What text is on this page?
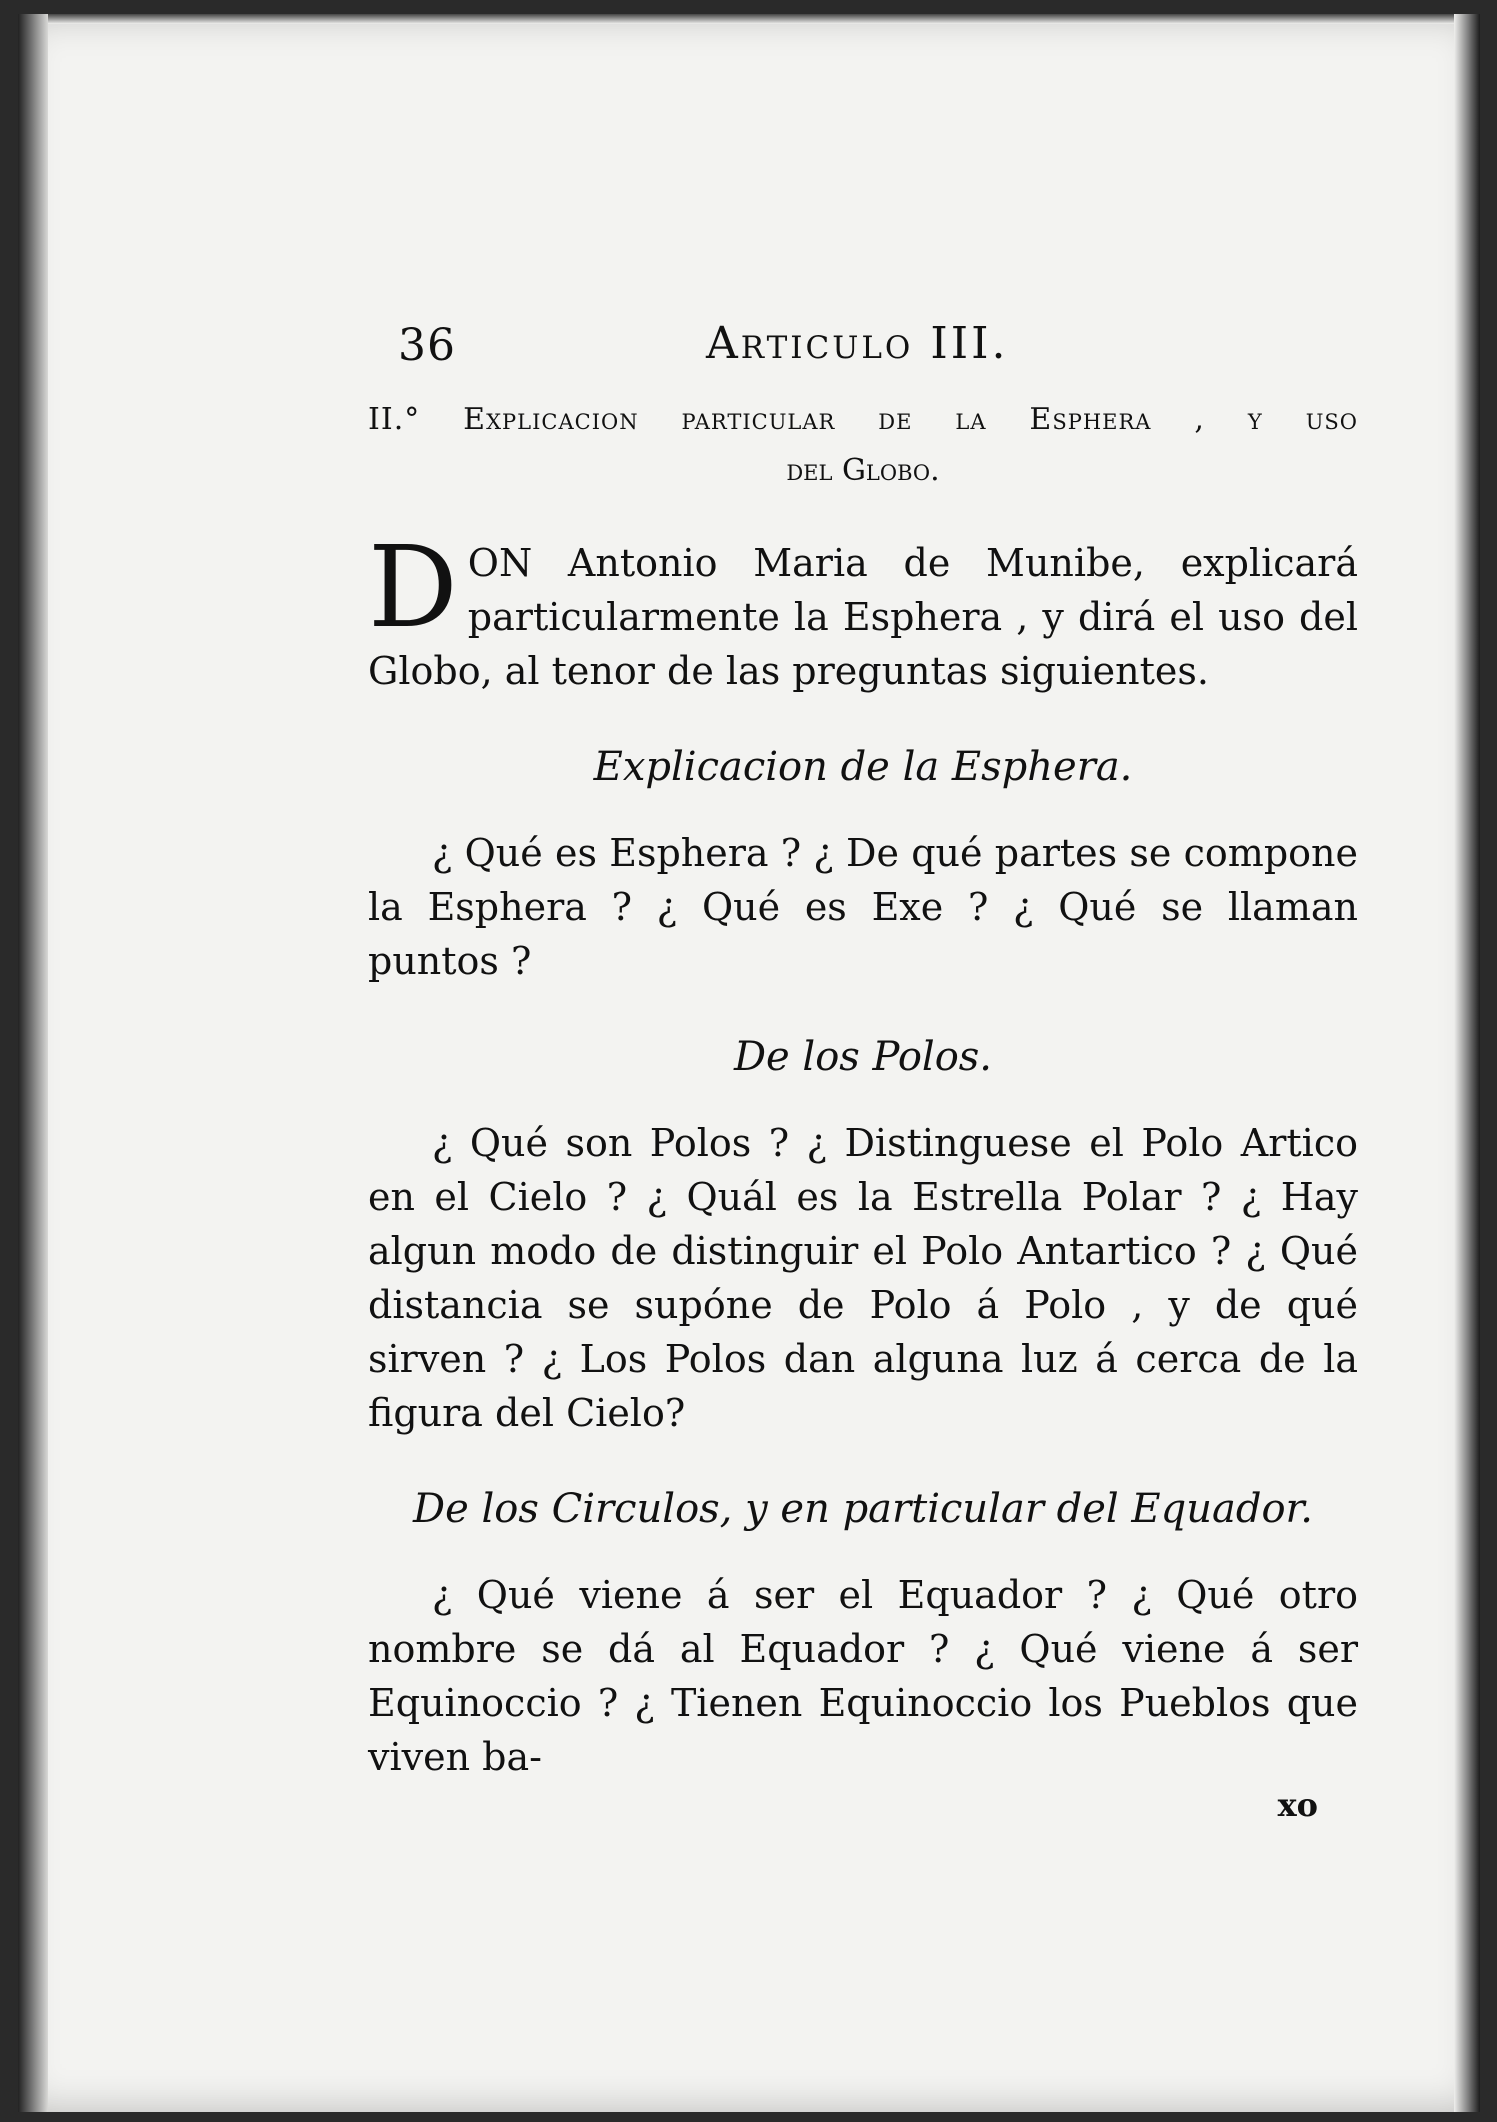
36	Articulo III.

II.° Explicacion particular de la Esphera , y uso

del Globo.

DON Antonio Maria de Munibe, explicará particularmente la Esphera , y dirá el uso del Globo, al tenor de las preguntas siguientes.

Explicacion de la Esphera.

¿ Qué es Esphera ? ¿ De qué partes se compone la Esphera ? ¿ Qué es Exe ? ¿ Qué se llaman puntos ?

De los Polos.

¿ Qué son Polos ? ¿ Distinguese el Polo Artico en el Cielo ? ¿ Quál es la Estrella Polar ? ¿ Hay algun modo de distinguir el Polo Antartico ? ¿ Qué distancia se supóne de Polo á Polo , y de qué sirven ? ¿ Los Polos dan alguna luz á cerca de la figura del Cielo?

De los Circulos, y en particular del Equador.

¿ Qué viene á ser el Equador ? ¿ Qué otro nombre se dá al Equador ? ¿ Qué viene á ser Equinoccio ? ¿ Tienen Equinoccio los Pueblos que viven ba-

xo
